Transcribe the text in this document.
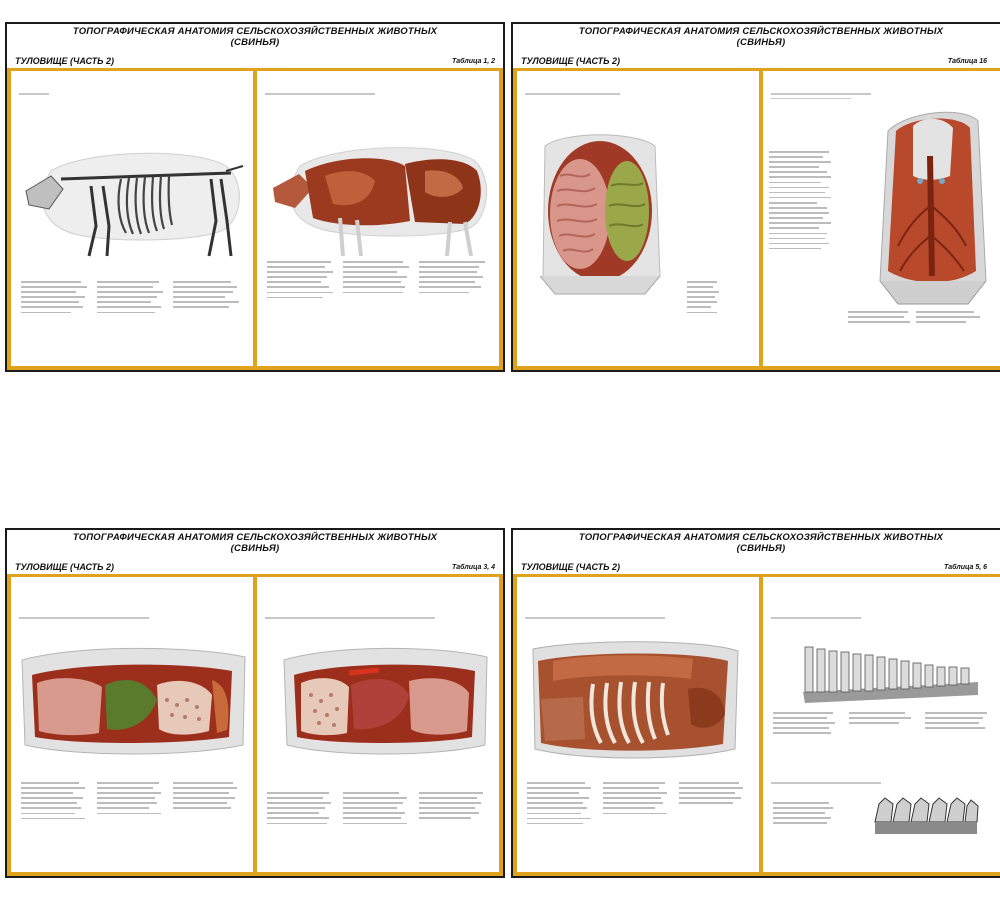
ТОПОГРАФИЧЕСКАЯ АНАТОМИЯ СЕЛЬСКОХОЗЯЙСТВЕННЫХ ЖИВОТНЫХ
(СВИНЬЯ)
ТУЛОВИЩЕ (ЧАСТЬ 2)	Таблица 1, 2
ТОПОГРАФИЧЕСКАЯ АНАТОМИЯ СЕЛЬСКОХОЗЯЙСТВЕННЫХ ЖИВОТНЫХ
(СВИНЬЯ)
ТУЛОВИЩЕ (ЧАСТЬ 2)	Таблица 16
ТОПОГРАФИЧЕСКАЯ АНАТОМИЯ СЕЛЬСКОХОЗЯЙСТВЕННЫХ ЖИВОТНЫХ
(СВИНЬЯ)
ТУЛОВИЩЕ (ЧАСТЬ 2)	Таблица 3, 4
ТОПОГРАФИЧЕСКАЯ АНАТОМИЯ СЕЛЬСКОХОЗЯЙСТВЕННЫХ ЖИВОТНЫХ
(СВИНЬЯ)
ТУЛОВИЩЕ (ЧАСТЬ 2)	Таблица 5, 6
